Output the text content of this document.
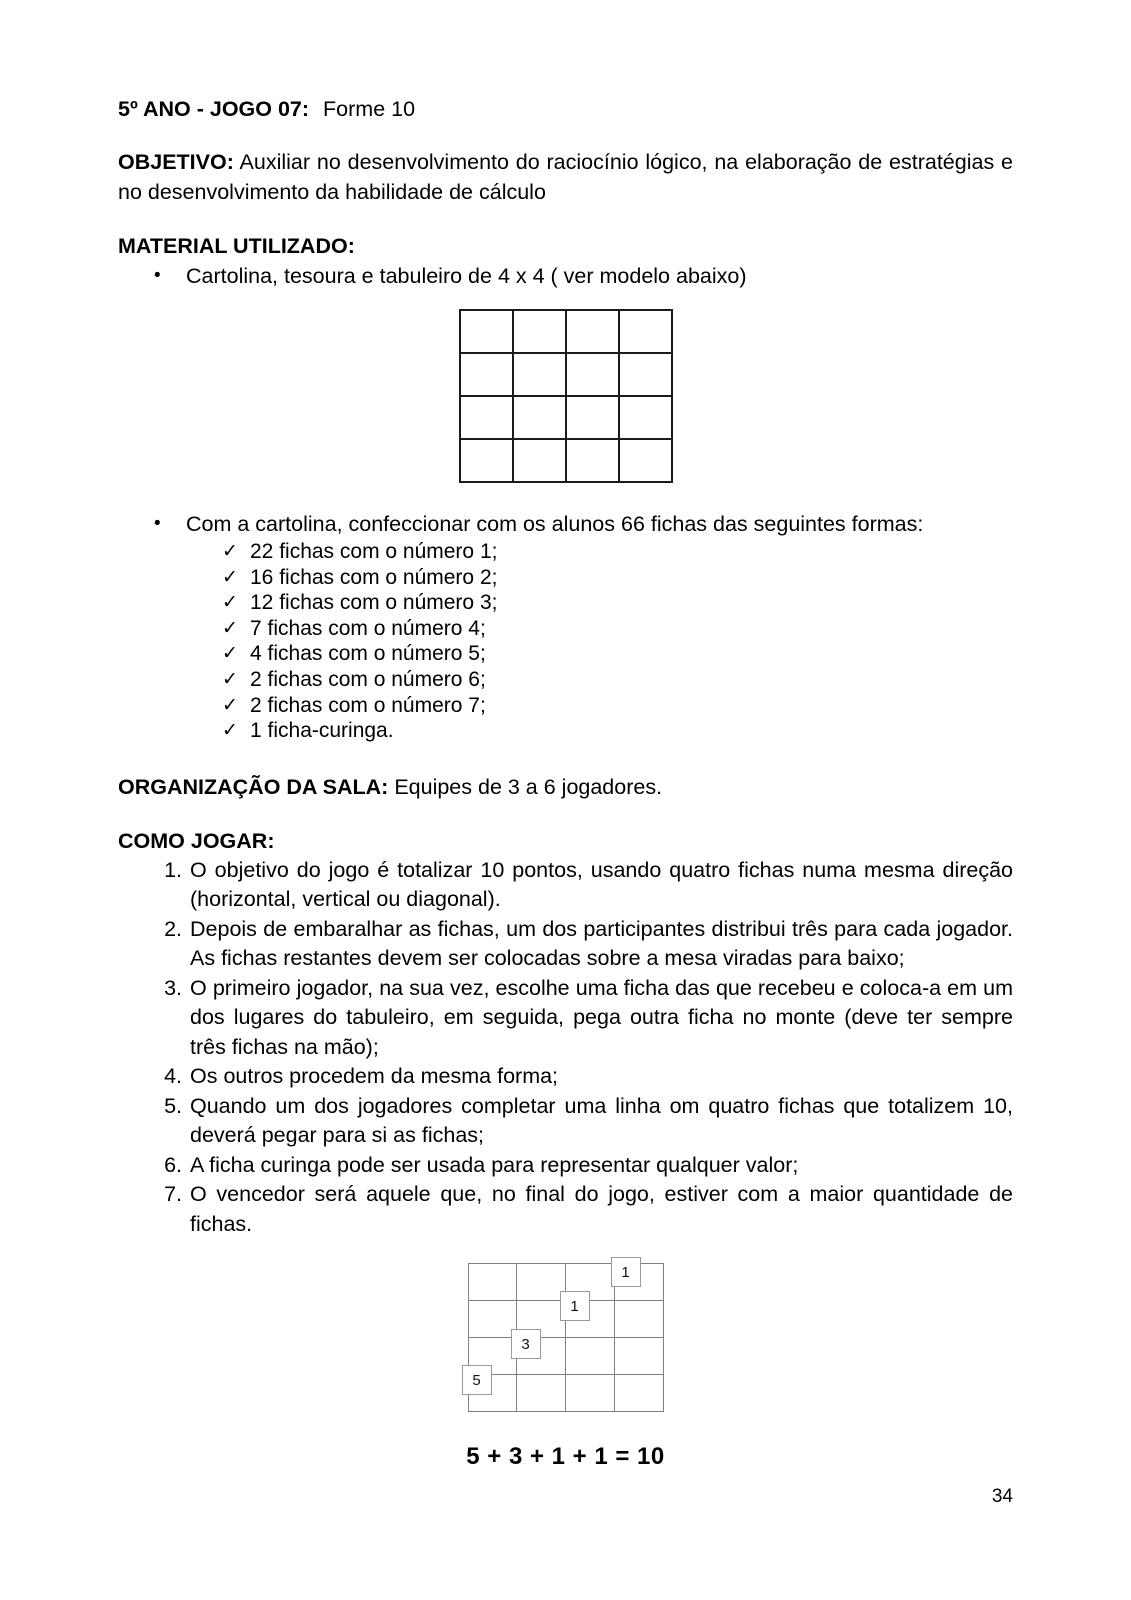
5º ANO - JOGO 07: Forme 10

OBJETIVO: Auxiliar no desenvolvimento do raciocínio lógico, na elaboração de estratégias e no desenvolvimento da habilidade de cálculo

MATERIAL UTILIZADO:
• Cartolina, tesoura e tabuleiro de 4 x 4 ( ver modelo abaixo)

• Com a cartolina, confeccionar com os alunos 66 fichas das seguintes formas:
✓ 22 fichas com o número 1;
✓ 16 fichas com o número 2;
✓ 12 fichas com o número 3;
✓ 7 fichas com o número 4;
✓ 4 fichas com o número 5;
✓ 2 fichas com o número 6;
✓ 2 fichas com o número 7;
✓ 1 ficha-curinga.

ORGANIZAÇÃO DA SALA: Equipes de 3 a 6 jogadores.

COMO JOGAR:
1. O objetivo do jogo é totalizar 10 pontos, usando quatro fichas numa mesma direção (horizontal, vertical ou diagonal).
2. Depois de embaralhar as fichas, um dos participantes distribui três para cada jogador. As fichas restantes devem ser colocadas sobre a mesa viradas para baixo;
3. O primeiro jogador, na sua vez, escolhe uma ficha das que recebeu e coloca-a em um dos lugares do tabuleiro, em seguida, pega outra ficha no monte (deve ter sempre três fichas na mão);
4. Os outros procedem da mesma forma;
5. Quando um dos jogadores completar uma linha om quatro fichas que totalizem 10, deverá pegar para si as fichas;
6. A ficha curinga pode ser usada para representar qualquer valor;
7. O vencedor será aquele que, no final do jogo, estiver com a maior quantidade de fichas.

1
1
3
5
5 + 3 + 1 + 1 = 10
34
